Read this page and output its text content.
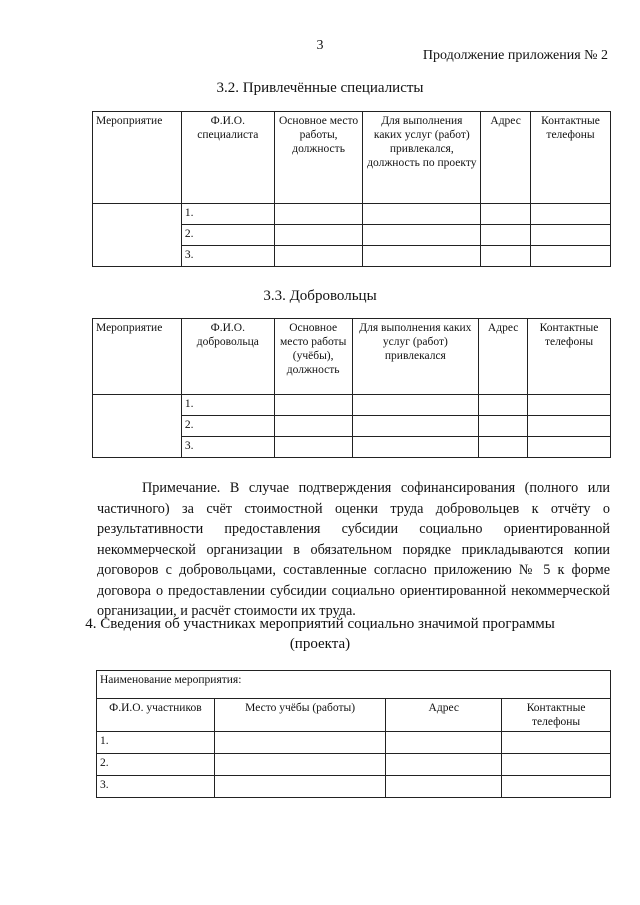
3
Продолжение приложения № 2
3.2. Привлечённые специалисты
Мероприятие	Ф.И.О. специалиста	Основное место работы, должность	Для выполнения каких услуг (работ) привлекался, должность по проекту	Адрес	Контактные телефоны
	1.				
	2.				
	3.				
3.3. Добровольцы
Мероприятие	Ф.И.О. добровольца	Основное место работы (учёбы), должность	Для выполнения каких услуг (работ) привлекался	Адрес	Контактные телефоны
	1.				
	2.				
	3.				
Примечание. В случае подтверждения софинансирования (полного или частичного) за счёт стоимостной оценки труда добровольцев к отчёту о результативности предоставления субсидии социально ориентированной некоммерческой организации в обязательном порядке прикладываются копии договоров с добровольцами, составленные согласно приложению № 5 к форме договора о предоставлении субсидии социально ориентированной некоммерческой организации, и расчёт стоимости их труда.
4. Сведения об участниках мероприятий социально значимой программы
(проекта)
Наименование мероприятия:			
Ф.И.О. участников	Место учёбы (работы)	Адрес	Контактные телефоны
1.			
2.			
3.			
